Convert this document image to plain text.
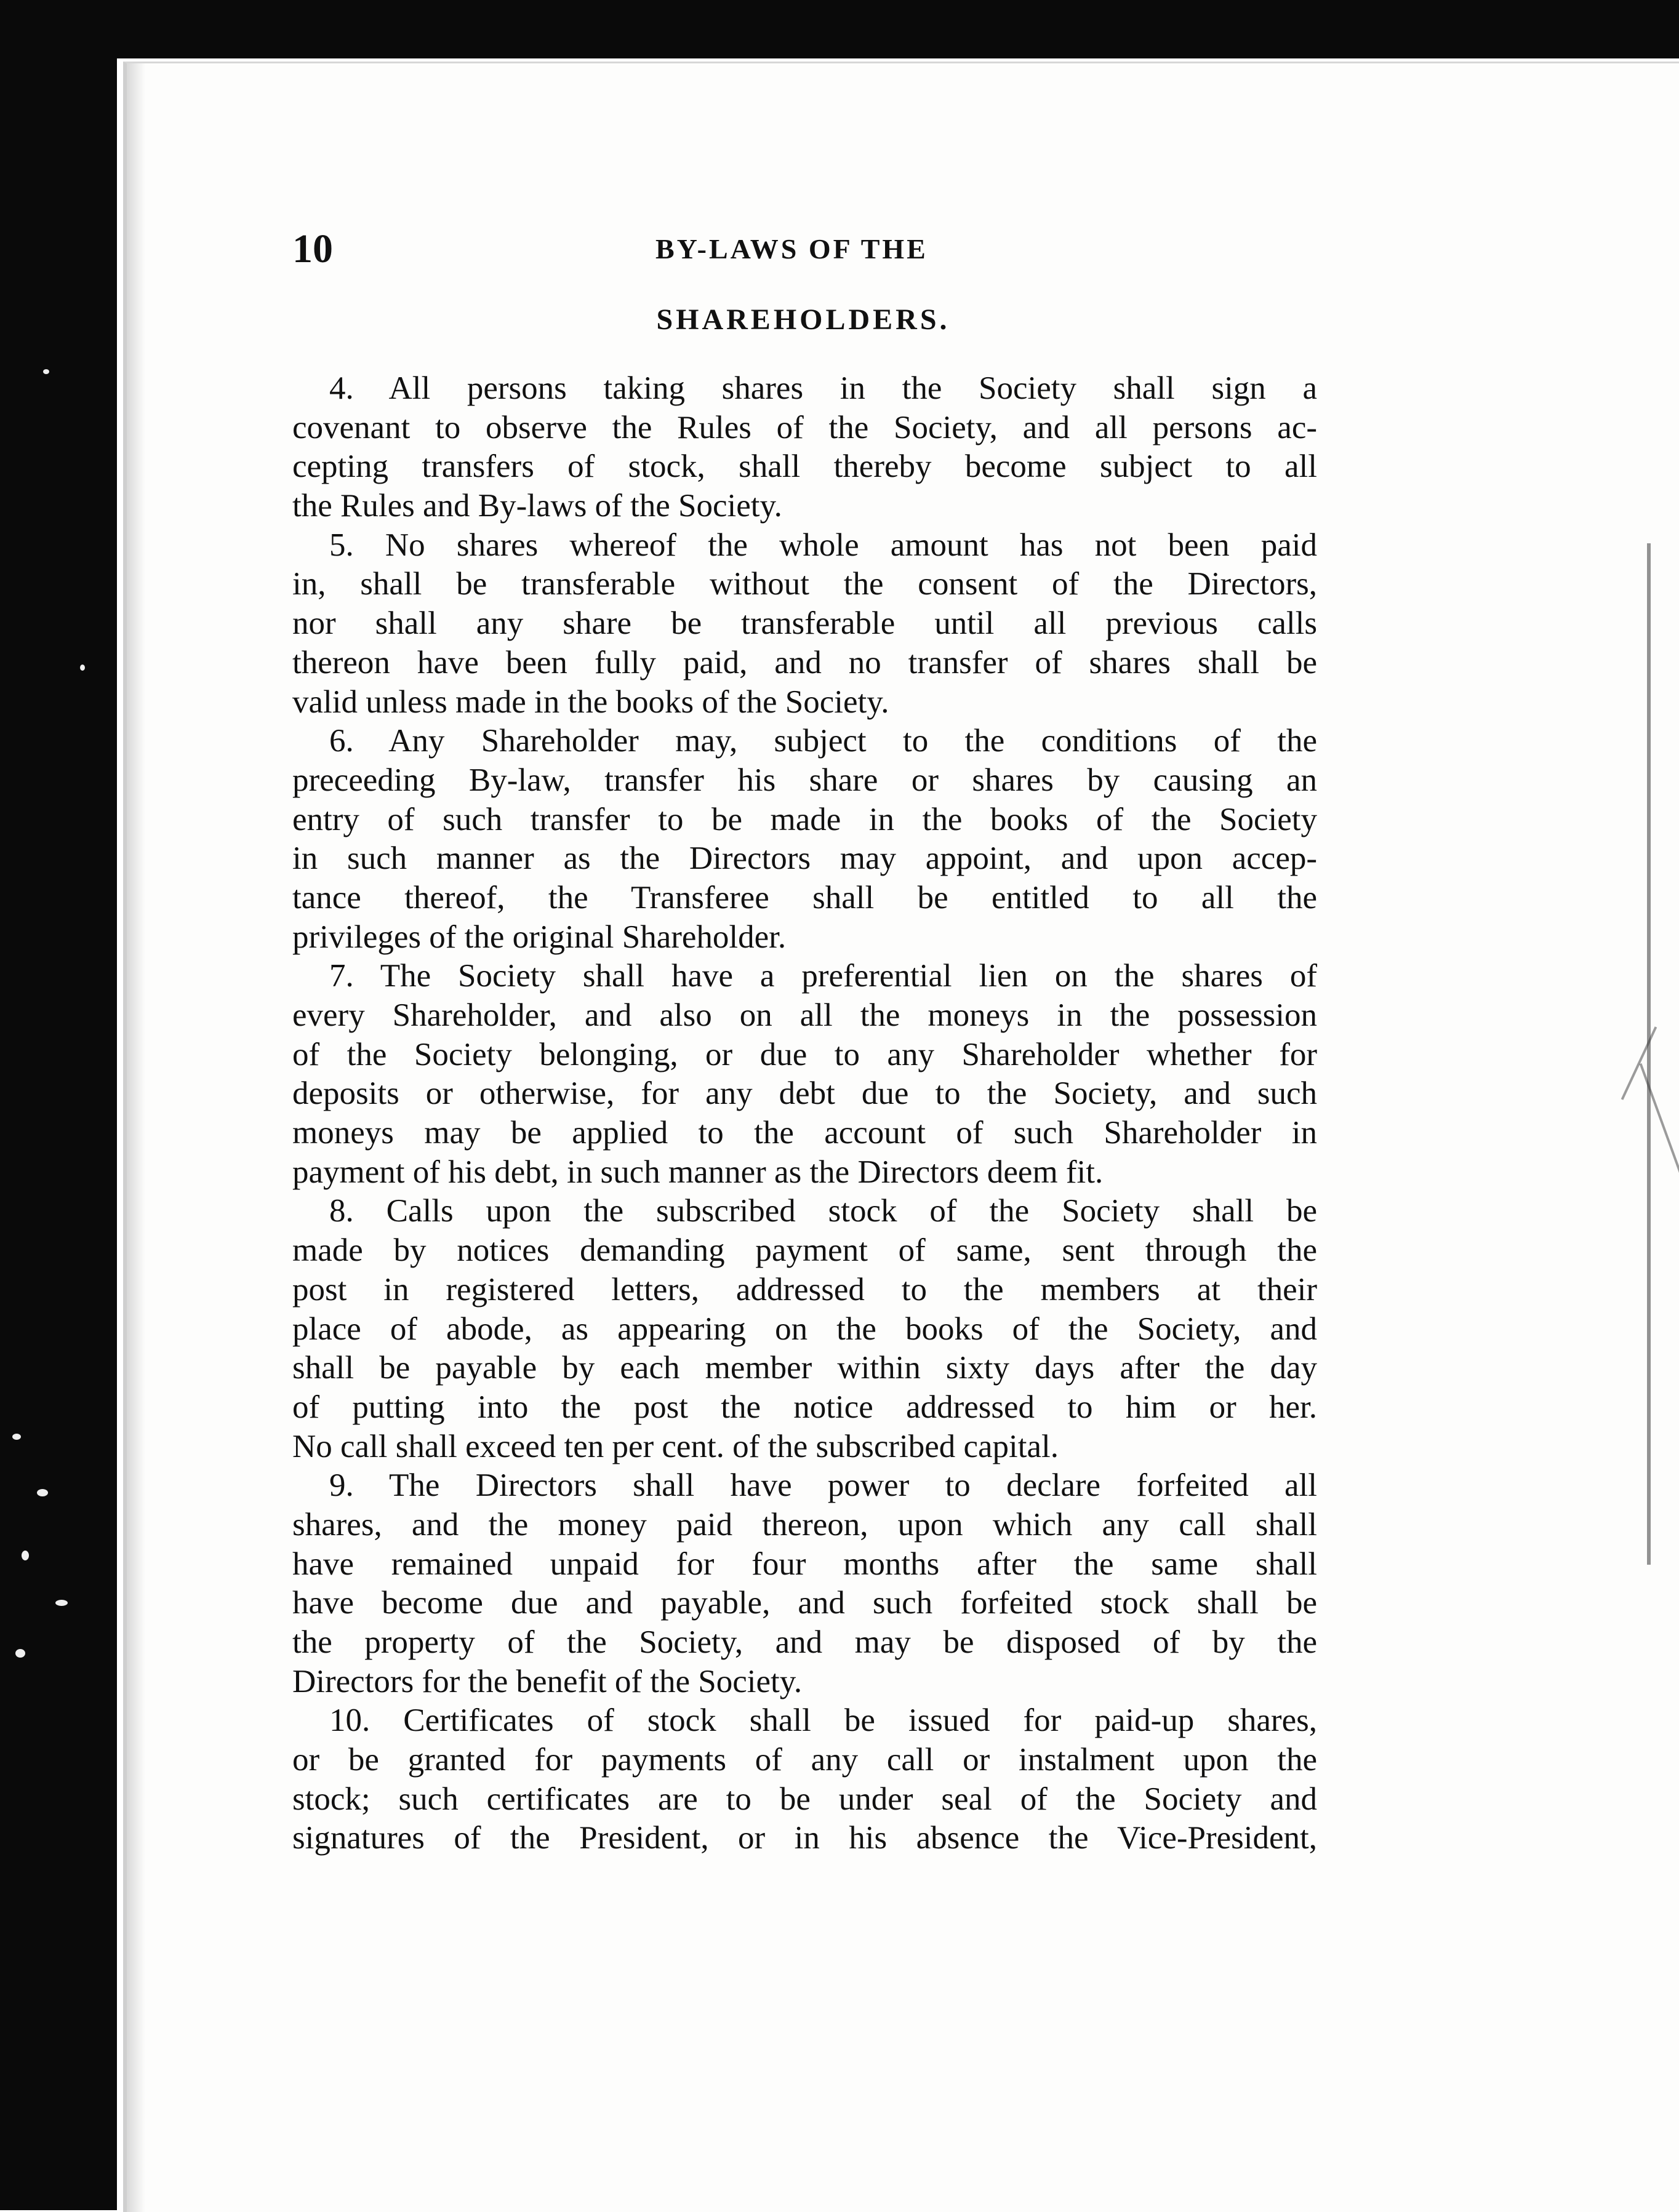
10	BY-LAWS OF THE
SHAREHOLDERS.
4. All persons taking shares in the Society shall sign a
covenant to observe the Rules of the Society, and all persons ac-
cepting transfers of stock, shall thereby become subject to all
the Rules and By-laws of the Society.
5. No shares whereof the whole amount has not been paid
in, shall be transferable without the consent of the Directors,
nor shall any share be transferable until all previous calls
thereon have been fully paid, and no transfer of shares shall be
valid unless made in the books of the Society.
6. Any Shareholder may, subject to the conditions of the
preceeding By-law, transfer his share or shares by causing an
entry of such transfer to be made in the books of the Society
in such manner as the Directors may appoint, and upon accep-
tance thereof, the Transferee shall be entitled to all the
privileges of the original Shareholder.
7. The Society shall have a preferential lien on the shares of
every Shareholder, and also on all the moneys in the possession
of the Society belonging, or due to any Shareholder whether for
deposits or otherwise, for any debt due to the Society, and such
moneys may be applied to the account of such Shareholder in
payment of his debt, in such manner as the Directors deem fit.
8. Calls upon the subscribed stock of the Society shall be
made by notices demanding payment of same, sent through the
post in registered letters, addressed to the members at their
place of abode, as appearing on the books of the Society, and
shall be payable by each member within sixty days after the day
of putting into the post the notice addressed to him or her.
No call shall exceed ten per cent. of the subscribed capital.
9. The Directors shall have power to declare forfeited all
shares, and the money paid thereon, upon which any call shall
have remained unpaid for four months after the same shall
have become due and payable, and such forfeited stock shall be
the property of the Society, and may be disposed of by the
Directors for the benefit of the Society.
10. Certificates of stock shall be issued for paid-up shares,
or be granted for payments of any call or instalment upon the
stock; such certificates are to be under seal of the Society and
signatures of the President, or in his absence the Vice-President,
